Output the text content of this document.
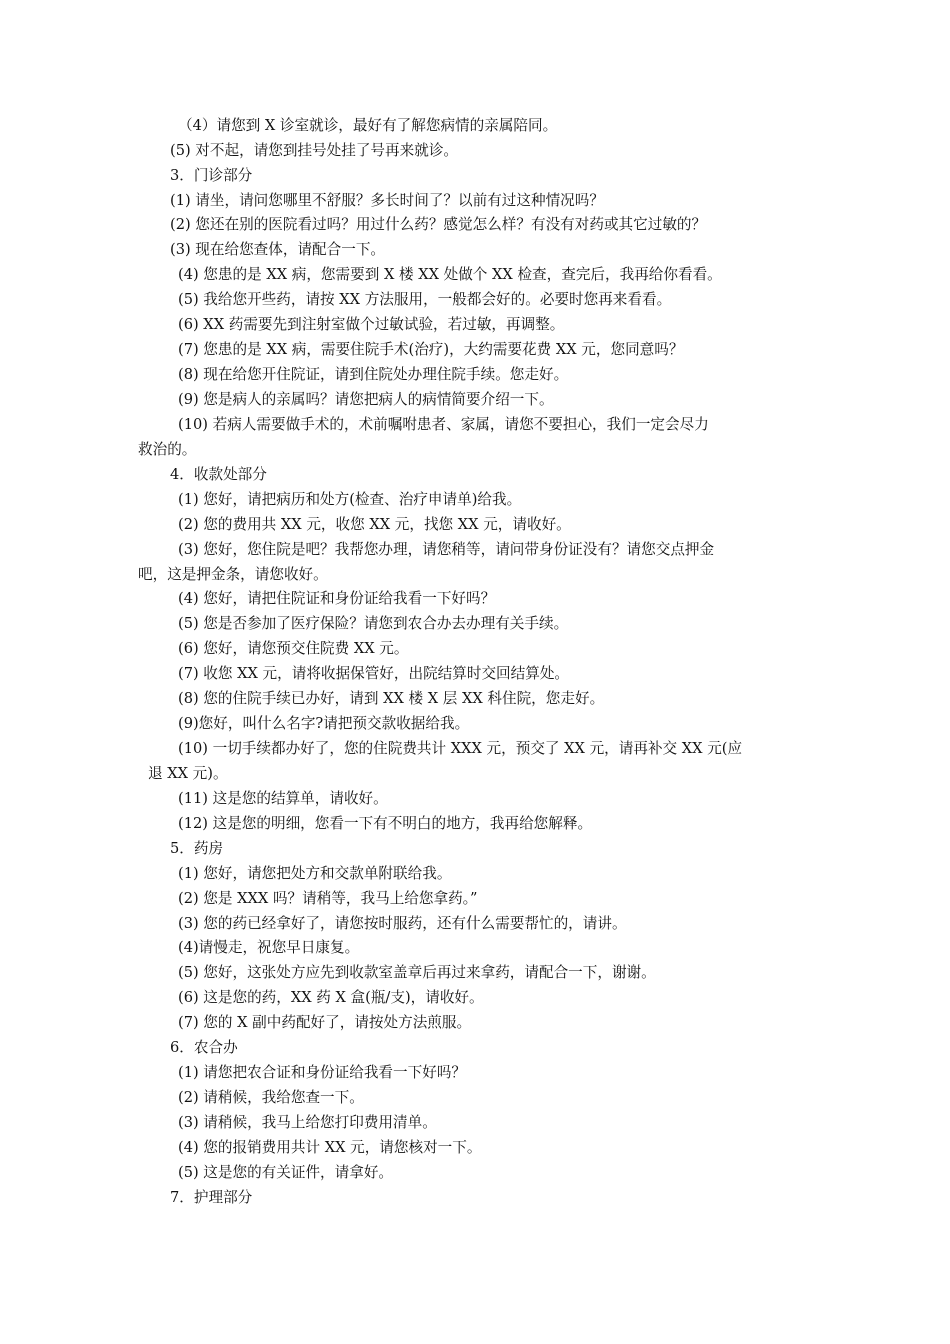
（4）请您到 X 诊室就诊，最好有了解您病情的亲属陪同。

(5) 对不起，请您到挂号处挂了号再来就诊。

3．门诊部分

(1) 请坐，请问您哪里不舒服？多长时间了？以前有过这种情况吗？

(2) 您还在别的医院看过吗？用过什么药？感觉怎么样？有没有对药或其它过敏的？

(3) 现在给您查体，请配合一下。

(4) 您患的是 XX 病，您需要到 X 楼 XX 处做个 XX 检查，查完后，我再给你看看。

(5) 我给您开些药，请按 XX 方法服用，一般都会好的。必要时您再来看看。

(6) XX 药需要先到注射室做个过敏试验，若过敏，再调整。

(7) 您患的是 XX 病，需要住院手术(治疗)，大约需要花费 XX 元，您同意吗？

(8) 现在给您开住院证，请到住院处办理住院手续。您走好。

(9) 您是病人的亲属吗？请您把病人的病情简要介绍一下。

(10) 若病人需要做手术的，术前嘱咐患者、家属，请您不要担心，我们一定会尽力

救治的。

4．收款处部分

(1) 您好，请把病历和处方(检查、治疗申请单)给我。

(2) 您的费用共 XX 元，收您 XX 元，找您 XX 元，请收好。

(3) 您好，您住院是吧？我帮您办理，请您稍等，请问带身份证没有？请您交点押金

吧，这是押金条，请您收好。

(4) 您好，请把住院证和身份证给我看一下好吗？

(5) 您是否参加了医疗保险？请您到农合办去办理有关手续。

(6) 您好，请您预交住院费 XX 元。

(7) 收您 XX 元，请将收据保管好，出院结算时交回结算处。

(8) 您的住院手续已办好，请到 XX 楼 X 层 XX 科住院，您走好。

(9)您好，叫什么名字?请把预交款收据给我。

(10) 一切手续都办好了，您的住院费共计 XXX 元，预交了 XX 元，请再补交 XX 元(应

退 XX 元)。

(11) 这是您的结算单，请收好。

(12) 这是您的明细，您看一下有不明白的地方，我再给您解释。

5．药房

(1) 您好，请您把处方和交款单附联给我。

(2) 您是 XXX 吗？请稍等，我马上给您拿药。”

(3) 您的药已经拿好了，请您按时服药，还有什么需要帮忙的，请讲。

(4)请慢走，祝您早日康复。

(5) 您好，这张处方应先到收款室盖章后再过来拿药，请配合一下，谢谢。

(6) 这是您的药，XX 药 X 盒(瓶/支)，请收好。

(7) 您的 X 副中药配好了，请按处方法煎服。

6．农合办

(1) 请您把农合证和身份证给我看一下好吗？

(2) 请稍候，我给您查一下。

(3) 请稍候，我马上给您打印费用清单。

(4) 您的报销费用共计 XX 元，请您核对一下。

(5) 这是您的有关证件，请拿好。

7．护理部分
